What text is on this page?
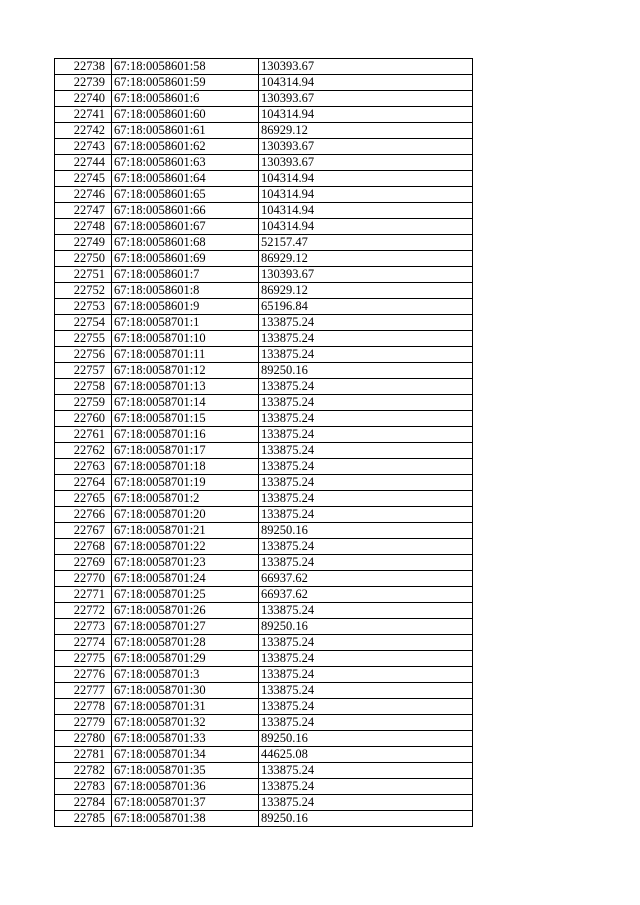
22738	67:18:0058601:58	130393.67
22739	67:18:0058601:59	104314.94
22740	67:18:0058601:6	130393.67
22741	67:18:0058601:60	104314.94
22742	67:18:0058601:61	86929.12
22743	67:18:0058601:62	130393.67
22744	67:18:0058601:63	130393.67
22745	67:18:0058601:64	104314.94
22746	67:18:0058601:65	104314.94
22747	67:18:0058601:66	104314.94
22748	67:18:0058601:67	104314.94
22749	67:18:0058601:68	52157.47
22750	67:18:0058601:69	86929.12
22751	67:18:0058601:7	130393.67
22752	67:18:0058601:8	86929.12
22753	67:18:0058601:9	65196.84
22754	67:18:0058701:1	133875.24
22755	67:18:0058701:10	133875.24
22756	67:18:0058701:11	133875.24
22757	67:18:0058701:12	89250.16
22758	67:18:0058701:13	133875.24
22759	67:18:0058701:14	133875.24
22760	67:18:0058701:15	133875.24
22761	67:18:0058701:16	133875.24
22762	67:18:0058701:17	133875.24
22763	67:18:0058701:18	133875.24
22764	67:18:0058701:19	133875.24
22765	67:18:0058701:2	133875.24
22766	67:18:0058701:20	133875.24
22767	67:18:0058701:21	89250.16
22768	67:18:0058701:22	133875.24
22769	67:18:0058701:23	133875.24
22770	67:18:0058701:24	66937.62
22771	67:18:0058701:25	66937.62
22772	67:18:0058701:26	133875.24
22773	67:18:0058701:27	89250.16
22774	67:18:0058701:28	133875.24
22775	67:18:0058701:29	133875.24
22776	67:18:0058701:3	133875.24
22777	67:18:0058701:30	133875.24
22778	67:18:0058701:31	133875.24
22779	67:18:0058701:32	133875.24
22780	67:18:0058701:33	89250.16
22781	67:18:0058701:34	44625.08
22782	67:18:0058701:35	133875.24
22783	67:18:0058701:36	133875.24
22784	67:18:0058701:37	133875.24
22785	67:18:0058701:38	89250.16
